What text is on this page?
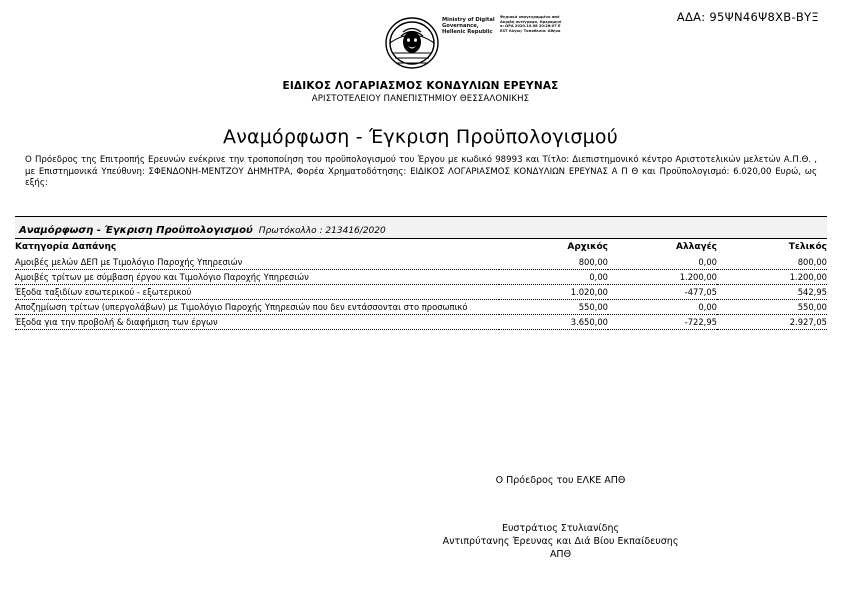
ΑΔΑ: 95ΨΝ46Ψ8ΧΒ-ΒΥΞ
Ministry of Digital Governance, Hellenic Republic
Ψηφιακά υπογεγραμμένο από Ακριβή αντίγραφο, Ημερομηνία: ΩΡΑ 2020.10.08 20:26:07 EEST Λόγος: Τοποθεσία: Αθήνα
ΕΙΔΙΚΟΣ ΛΟΓΑΡΙΑΣΜΟΣ ΚΟΝΔΥΛΙΩΝ ΕΡΕΥΝΑΣ
ΑΡΙΣΤΟΤΕΛΕΙΟΥ ΠΑΝΕΠΙΣΤΗΜΙΟΥ ΘΕΣΣΑΛΟΝΙΚΗΣ
Αναμόρφωση - Έγκριση Προϋπολογισμού
Ο Πρόεδρος της Επιτροπής Ερευνών ενέκρινε την τροποποίηση του προϋπολογισμού του Έργου με κωδικό 98993 και Τίτλο: Διεπιστημονικό κέντρο Αριστοτελικών μελετών Α.Π.Θ. , με Επιστημονικά Υπεύθυνη: ΣΦΕΝΔΟΝΗ-ΜΕΝΤΖΟΥ ΔΗΜΗΤΡΑ, Φορέα Χρηματοδότησης: ΕΙΔΙΚΟΣ ΛΟΓΑΡΙΑΣΜΟΣ ΚΟΝΔΥΛΙΩΝ ΕΡΕΥΝΑΣ Α Π Θ και Προϋπολογισμό: 6.020,00 Ευρώ, ως εξής:
Αναμόρφωση - Έγκριση Προϋπολογισμού Πρωτόκολλο : 213416/2020
Κατηγορία Δαπάνης	Αρχικός	Αλλαγές	Τελικός
Αμοιβές μελών ΔΕΠ με Τιμολόγιο Παροχής Υπηρεσιών	800,00	0,00	800,00
Αμοιβές τρίτων με σύμβαση έργου και Τιμολόγιο Παροχής Υπηρεσιών	0,00	1.200,00	1.200,00
Έξοδα ταξιδίων εσωτερικού - εξωτερικού	1.020,00	-477,05	542,95
Αποζημίωση τρίτων (υπεργολάβων) με Τιμολόγιο Παροχής Υπηρεσιών που δεν εντάσσονται στο προσωπικό	550,00	0,00	550,00
Έξοδα για την προβολή & διαφήμιση των έργων	3.650,00	-722,95	2.927,05
Ο Πρόεδρος του ΕΛΚΕ ΑΠΘ
Ευστράτιος Στυλιανίδης
Αντιπρύτανης Έρευνας και Διά Βίου Εκπαίδευσης
ΑΠΘ
